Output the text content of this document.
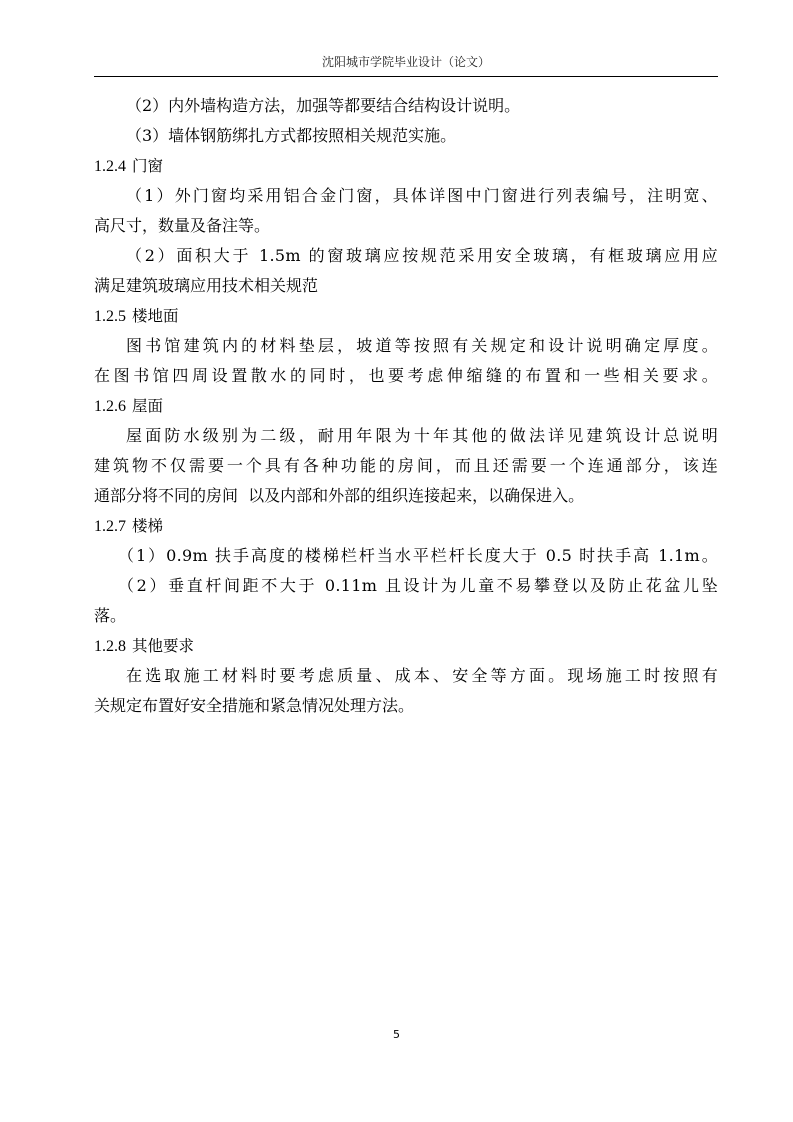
沈阳城市学院毕业设计（论文）
（2）内外墙构造方法，加强等都要结合结构设计说明。
（3）墙体钢筋绑扎方式都按照相关规范实施。
1.2.4 门窗
（1）外门窗均采用铝合金门窗，具体详图中门窗进行列表编号，注明宽、
高尺寸，数量及备注等。
（2）面积大于 1.5m 的窗玻璃应按规范采用安全玻璃，有框玻璃应用应
满足建筑玻璃应用技术相关规范
1.2.5 楼地面
图书馆建筑内的材料垫层，坡道等按照有关规定和设计说明确定厚度。
在图书馆四周设置散水的同时，也要考虑伸缩缝的布置和一些相关要求。
1.2.6 屋面
屋面防水级别为二级，耐用年限为十年其他的做法详见建筑设计总说明
建筑物不仅需要一个具有各种功能的房间，而且还需要一个连通部分，该连
通部分将不同的房间  以及内部和外部的组织连接起来，以确保进入。
1.2.7 楼梯
（1）0.9m 扶手高度的楼梯栏杆当水平栏杆长度大于 0.5 时扶手高 1.1m。
（2）垂直杆间距不大于 0.11m 且设计为儿童不易攀登以及防止花盆儿坠
落。
1.2.8 其他要求
在选取施工材料时要考虑质量、成本、安全等方面。现场施工时按照有
关规定布置好安全措施和紧急情况处理方法。
5
